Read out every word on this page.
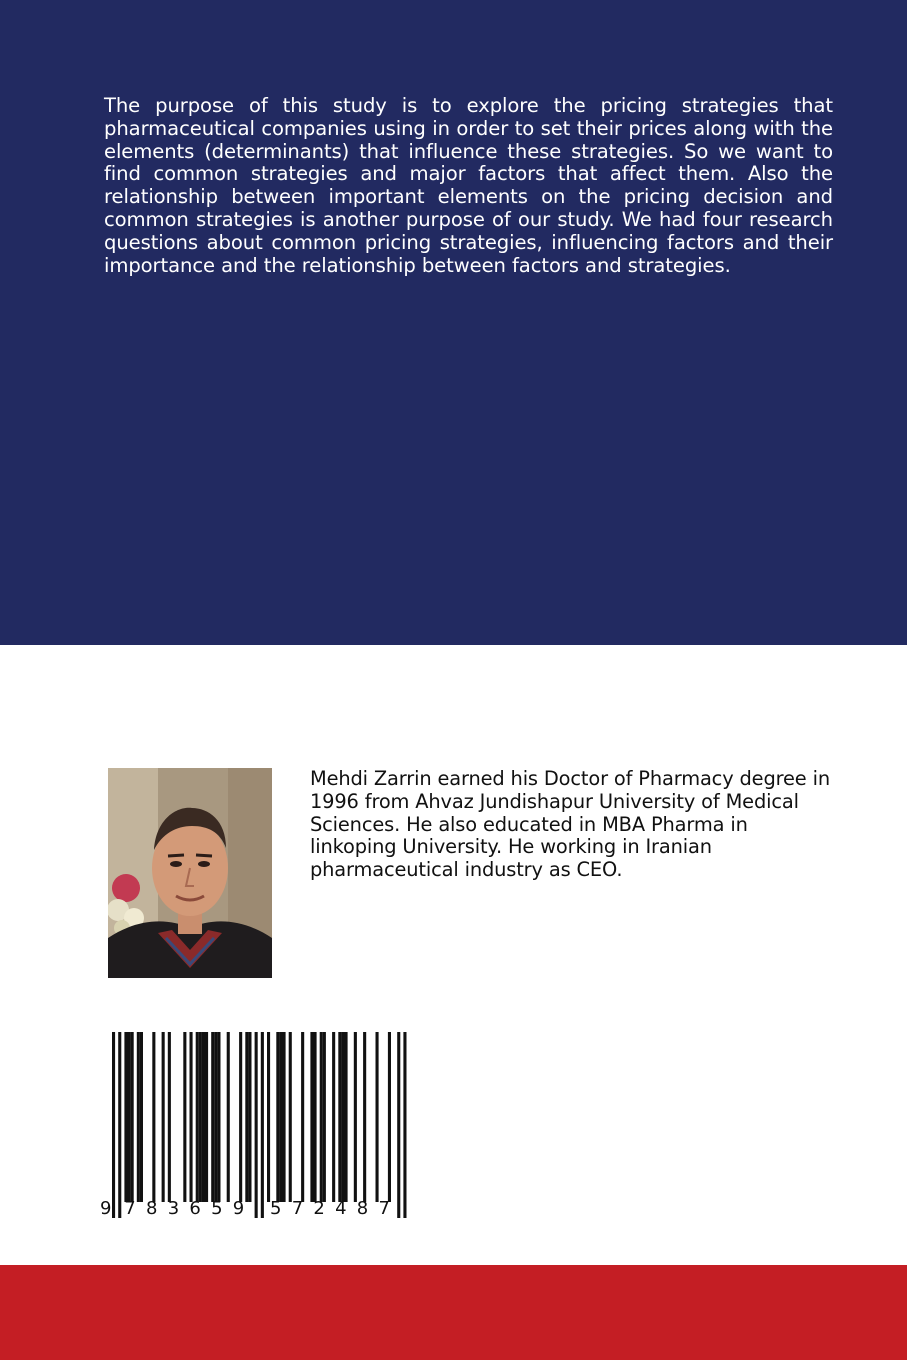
The purpose of this study is to explore the pricing strategies that pharmaceutical companies using in order to set their prices along with the elements (determinants) that influence these strategies. So we want to find common strategies and major factors that affect them. Also the relationship between important elements on the pricing decision and common strategies is another purpose of our study. We had four research questions about common pricing strategies, influencing factors and their importance and the relationship between factors and strategies.

Mehdi Zarrin earned his Doctor of Pharmacy degree in 1996 from Ahvaz Jundishapur University of Medical Sciences. He also educated in MBA Pharma in linkoping University. He working in Iranian pharmaceutical industry as CEO.

9 7 8 3 6 5 9 5 7 2 4 8 7
